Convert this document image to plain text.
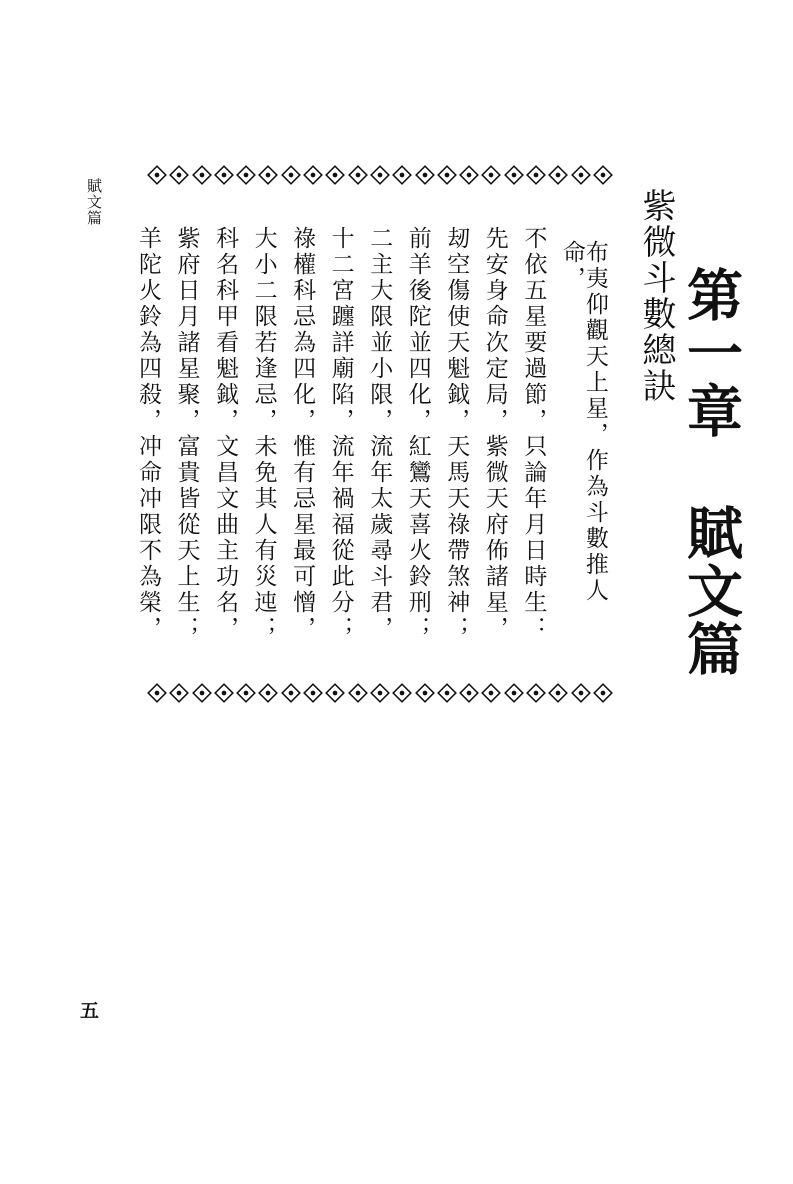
賦文篇
第一章賦文篇
紫微斗數總訣
布夷仰觀天上星，作為斗數推人命，
不依五星要過節，只論年月日時生：
先安身命次定局，紫微天府佈諸星，
刼空傷使天魁鉞，天馬天祿帶煞神；
前羊後陀並四化，紅鸞天喜火鈴刑；
二主大限並小限，流年太歲尋斗君，
十二宮躔詳廟陷，流年禍福從此分；
祿權科忌為四化，惟有忌星最可憎，
大小二限若逢忌，未免其人有災迍；
科名科甲看魁鉞，文昌文曲主功名，
紫府日月諸星聚，富貴皆從天上生；
羊陀火鈴為四殺，冲命冲限不為榮，
五
